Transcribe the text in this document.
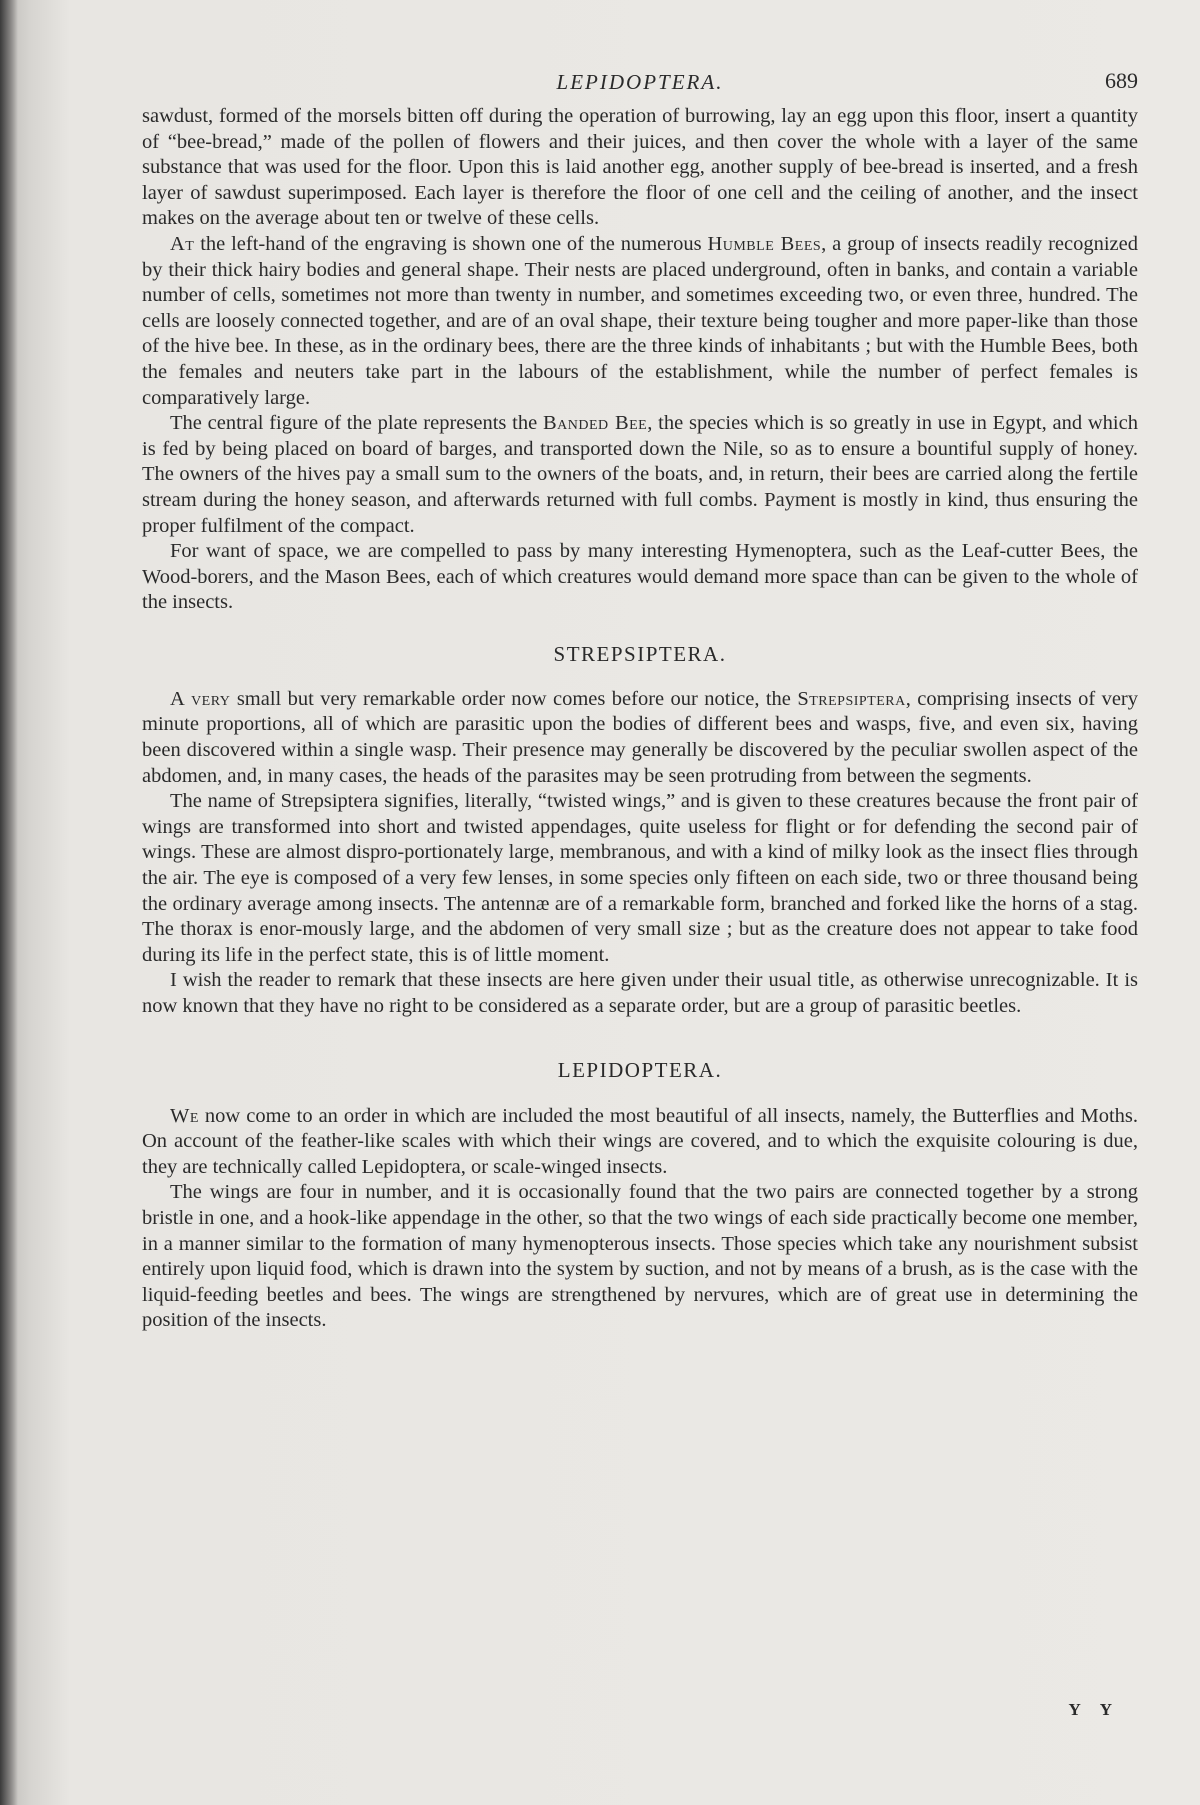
LEPIDOPTERA.	689

sawdust, formed of the morsels bitten off during the operation of burrowing, lay an egg upon this floor, insert a quantity of “bee-bread,” made of the pollen of flowers and their juices, and then cover the whole with a layer of the same substance that was used for the floor. Upon this is laid another egg, another supply of bee-bread is inserted, and a fresh layer of sawdust superimposed. Each layer is therefore the floor of one cell and the ceiling of another, and the insect makes on the average about ten or twelve of these cells.

At the left-hand of the engraving is shown one of the numerous Humble Bees, a group of insects readily recognized by their thick hairy bodies and general shape. Their nests are placed underground, often in banks, and contain a variable number of cells, sometimes not more than twenty in number, and sometimes exceeding two, or even three, hundred. The cells are loosely connected together, and are of an oval shape, their texture being tougher and more paper-like than those of the hive bee. In these, as in the ordinary bees, there are the three kinds of inhabitants ; but with the Humble Bees, both the females and neuters take part in the labours of the establishment, while the number of perfect females is comparatively large.

The central figure of the plate represents the Banded Bee, the species which is so greatly in use in Egypt, and which is fed by being placed on board of barges, and transported down the Nile, so as to ensure a bountiful supply of honey. The owners of the hives pay a small sum to the owners of the boats, and, in return, their bees are carried along the fertile stream during the honey season, and afterwards returned with full combs. Payment is mostly in kind, thus ensuring the proper fulfilment of the compact.

For want of space, we are compelled to pass by many interesting Hymenoptera, such as the Leaf-cutter Bees, the Wood-borers, and the Mason Bees, each of which creatures would demand more space than can be given to the whole of the insects.

STREPSIPTERA.

A very small but very remarkable order now comes before our notice, the Strepsiptera, comprising insects of very minute proportions, all of which are parasitic upon the bodies of different bees and wasps, five, and even six, having been discovered within a single wasp. Their presence may generally be discovered by the peculiar swollen aspect of the abdomen, and, in many cases, the heads of the parasites may be seen protruding from between the segments.

The name of Strepsiptera signifies, literally, “twisted wings,” and is given to these creatures because the front pair of wings are transformed into short and twisted appendages, quite useless for flight or for defending the second pair of wings. These are almost dispro-portionately large, membranous, and with a kind of milky look as the insect flies through the air. The eye is composed of a very few lenses, in some species only fifteen on each side, two or three thousand being the ordinary average among insects. The antennæ are of a remarkable form, branched and forked like the horns of a stag. The thorax is enor-mously large, and the abdomen of very small size ; but as the creature does not appear to take food during its life in the perfect state, this is of little moment.

I wish the reader to remark that these insects are here given under their usual title, as otherwise unrecognizable. It is now known that they have no right to be considered as a separate order, but are a group of parasitic beetles.

LEPIDOPTERA.

We now come to an order in which are included the most beautiful of all insects, namely, the Butterflies and Moths. On account of the feather-like scales with which their wings are covered, and to which the exquisite colouring is due, they are technically called Lepidoptera, or scale-winged insects.

The wings are four in number, and it is occasionally found that the two pairs are connected together by a strong bristle in one, and a hook-like appendage in the other, so that the two wings of each side practically become one member, in a manner similar to the formation of many hymenopterous insects. Those species which take any nourishment subsist entirely upon liquid food, which is drawn into the system by suction, and not by means of a brush, as is the case with the liquid-feeding beetles and bees. The wings are strengthened by nervures, which are of great use in determining the position of the insects.

Y Y
